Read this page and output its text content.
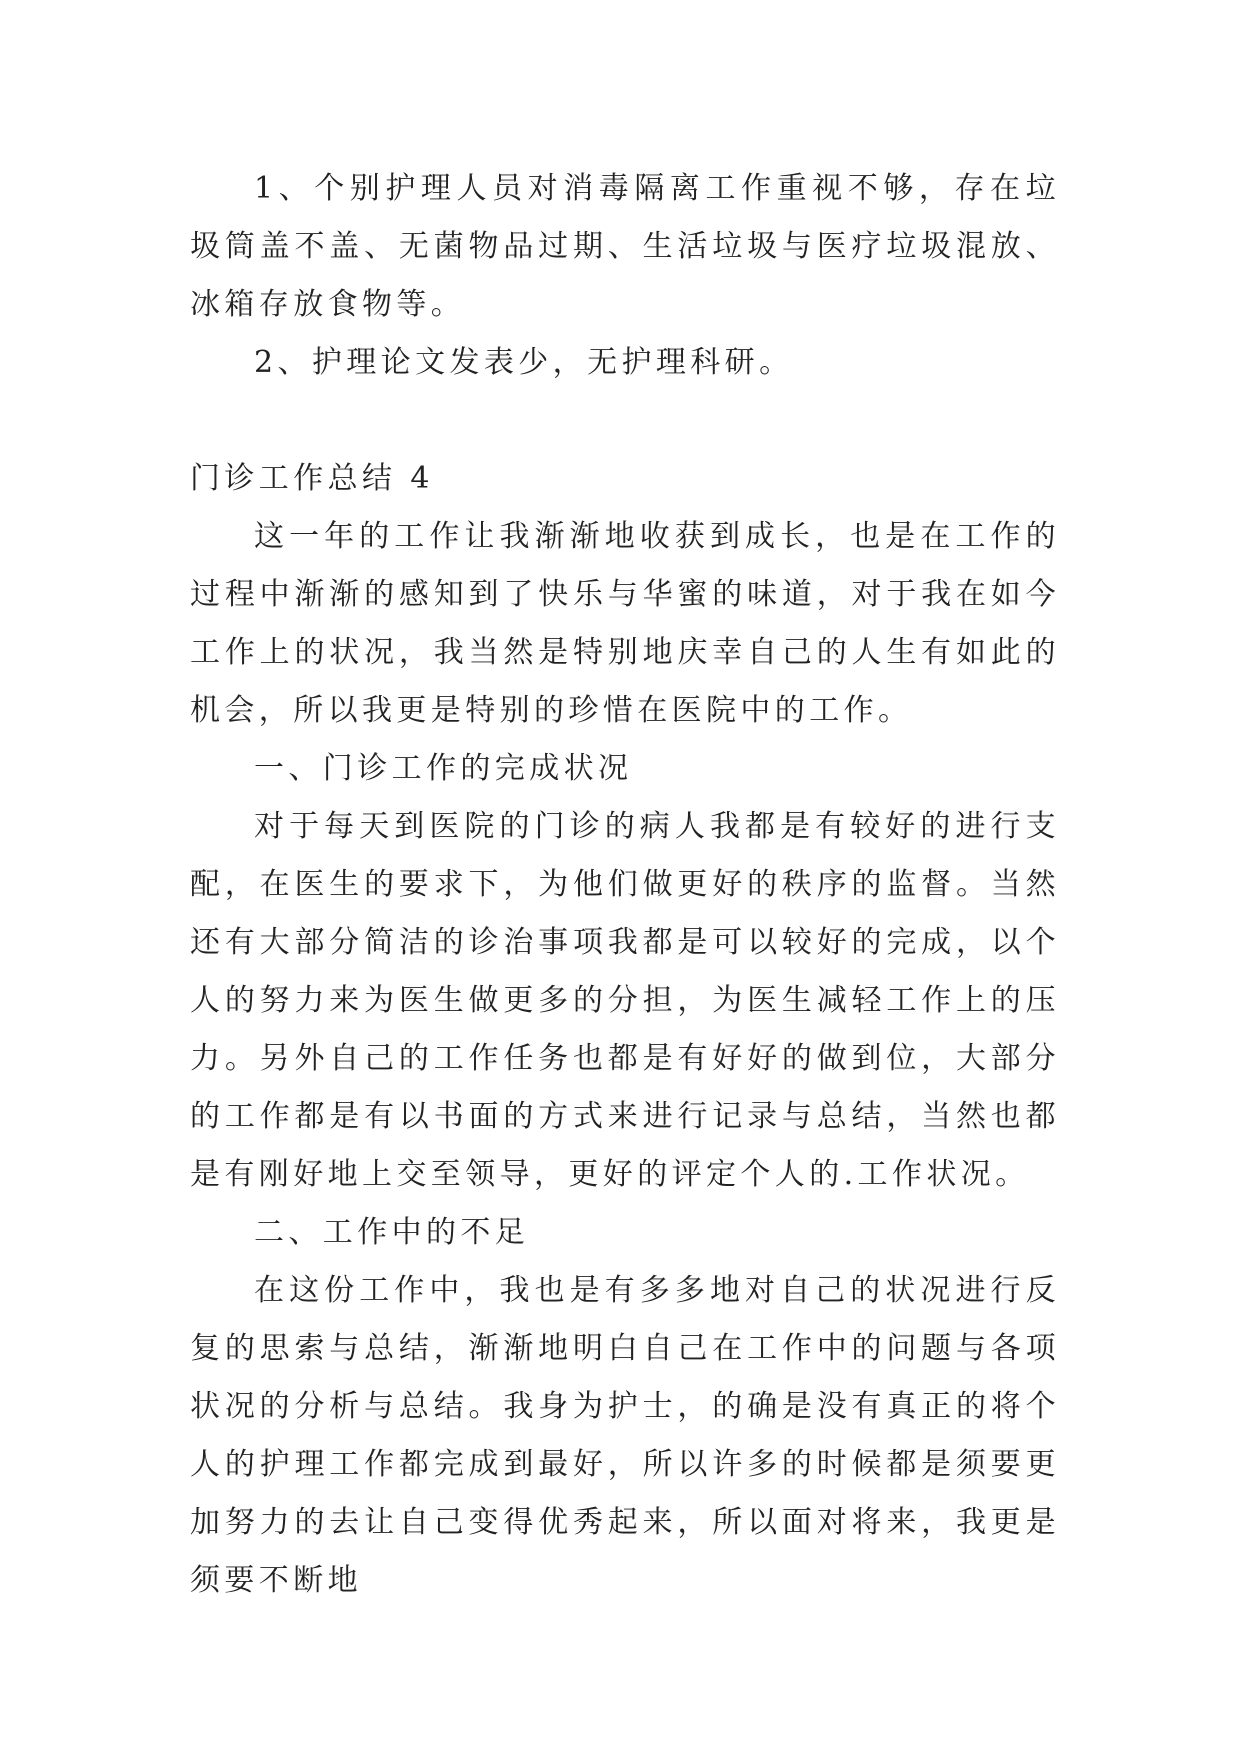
1、个别护理人员对消毒隔离工作重视不够，存在垃圾筒盖不盖、无菌物品过期、生活垃圾与医疗垃圾混放、冰箱存放食物等。

2、护理论文发表少，无护理科研。

门诊工作总结 4

这一年的工作让我渐渐地收获到成长，也是在工作的过程中渐渐的感知到了快乐与华蜜的味道，对于我在如今工作上的状况，我当然是特别地庆幸自己的人生有如此的机会，所以我更是特别的珍惜在医院中的工作。

一、门诊工作的完成状况

对于每天到医院的门诊的病人我都是有较好的进行支配，在医生的要求下，为他们做更好的秩序的监督。当然还有大部分简洁的诊治事项我都是可以较好的完成，以个人的努力来为医生做更多的分担，为医生减轻工作上的压力。另外自己的工作任务也都是有好好的做到位，大部分的工作都是有以书面的方式来进行记录与总结，当然也都是有刚好地上交至领导，更好的评定个人的.工作状况。

二、工作中的不足

在这份工作中，我也是有多多地对自己的状况进行反复的思索与总结，渐渐地明白自己在工作中的问题与各项状况的分析与总结。我身为护士，的确是没有真正的将个人的护理工作都完成到最好，所以许多的时候都是须要更加努力的去让自己变得优秀起来，所以面对将来，我更是须要不断地
